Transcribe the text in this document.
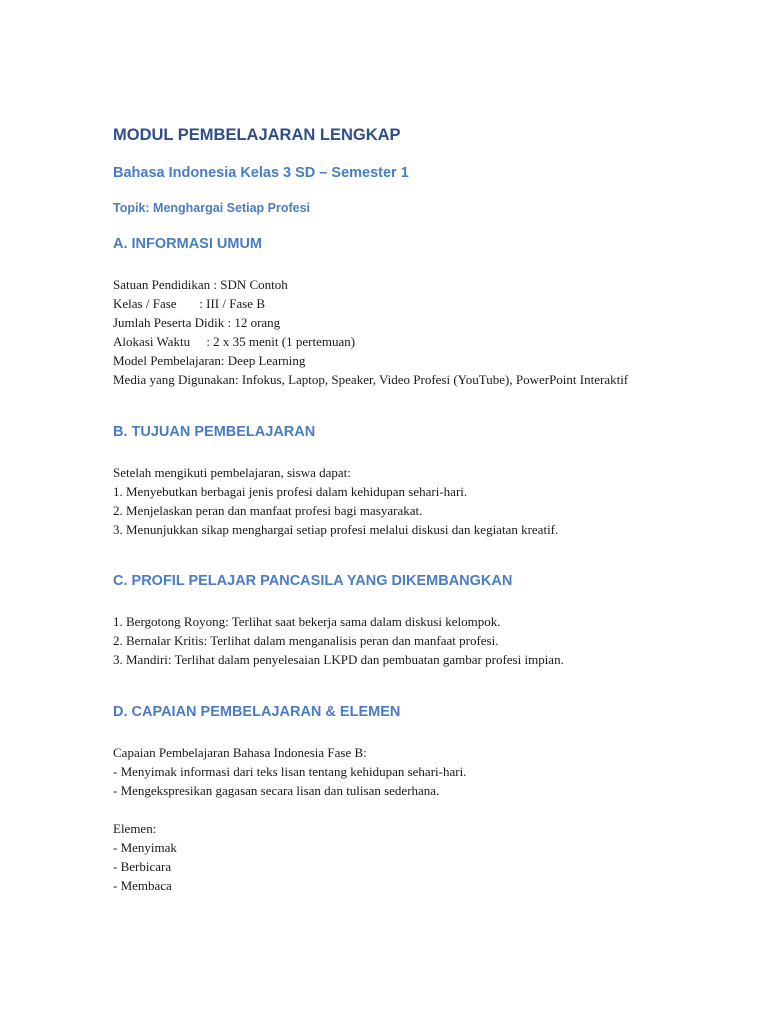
MODUL PEMBELAJARAN LENGKAP
Bahasa Indonesia Kelas 3 SD – Semester 1
Topik: Menghargai Setiap Profesi
A. INFORMASI UMUM
Satuan Pendidikan : SDN Contoh
Kelas / Fase       : III / Fase B
Jumlah Peserta Didik : 12 orang
Alokasi Waktu     : 2 x 35 menit (1 pertemuan)
Model Pembelajaran: Deep Learning
Media yang Digunakan: Infokus, Laptop, Speaker, Video Profesi (YouTube), PowerPoint Interaktif
B. TUJUAN PEMBELAJARAN
Setelah mengikuti pembelajaran, siswa dapat:
1. Menyebutkan berbagai jenis profesi dalam kehidupan sehari-hari.
2. Menjelaskan peran dan manfaat profesi bagi masyarakat.
3. Menunjukkan sikap menghargai setiap profesi melalui diskusi dan kegiatan kreatif.
C. PROFIL PELAJAR PANCASILA YANG DIKEMBANGKAN
1. Bergotong Royong: Terlihat saat bekerja sama dalam diskusi kelompok.
2. Bernalar Kritis: Terlihat dalam menganalisis peran dan manfaat profesi.
3. Mandiri: Terlihat dalam penyelesaian LKPD dan pembuatan gambar profesi impian.
D. CAPAIAN PEMBELAJARAN & ELEMEN
Capaian Pembelajaran Bahasa Indonesia Fase B:
- Menyimak informasi dari teks lisan tentang kehidupan sehari-hari.
- Mengekspresikan gagasan secara lisan dan tulisan sederhana.
Elemen:
- Menyimak
- Berbicara
- Membaca
